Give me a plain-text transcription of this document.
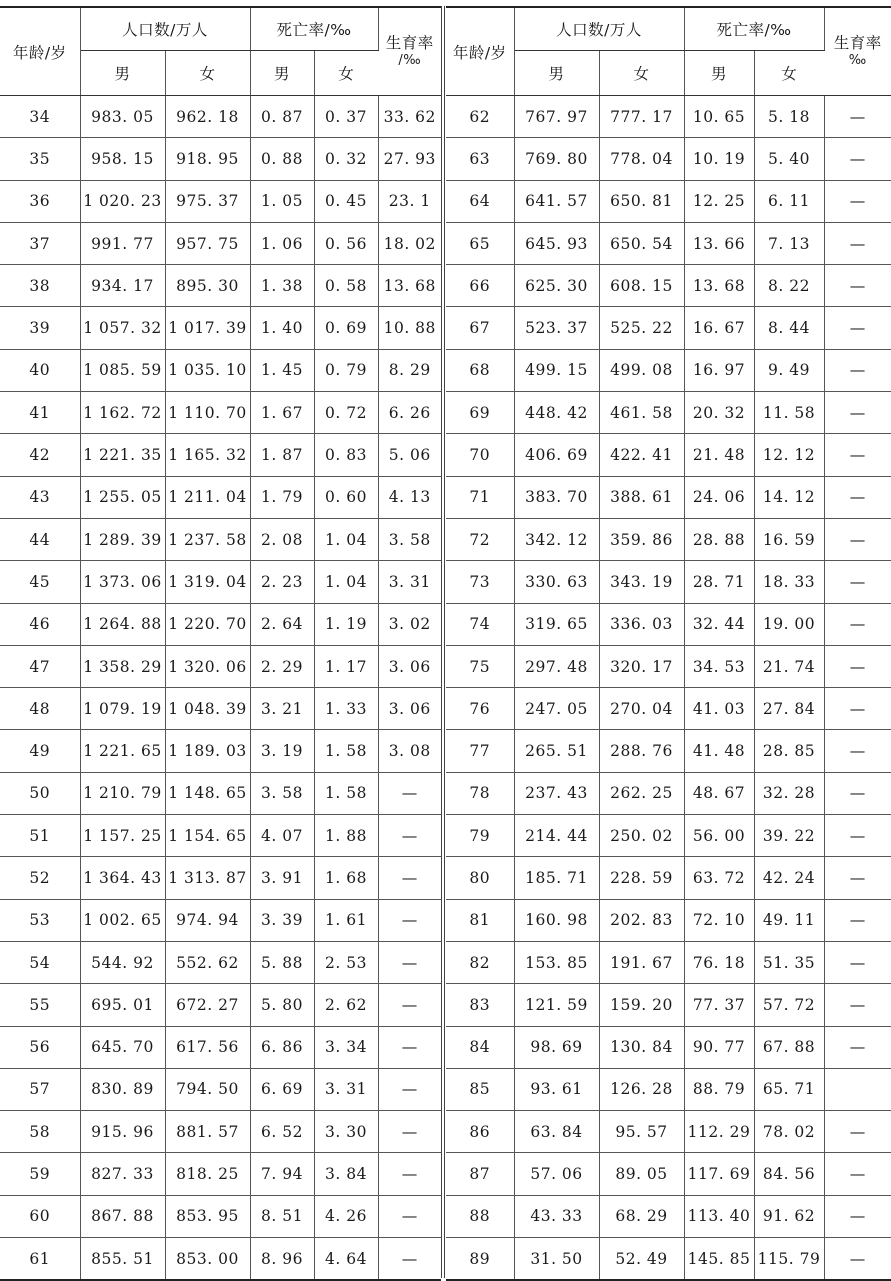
年龄/岁	人口数/万人		死亡率/‰		生育率
/‰

	男	女	男	女	
34	983. 05	962. 18	0. 87	0. 37	33. 62
35	958. 15	918. 95	0. 88	0. 32	27. 93
36	1 020. 23	975. 37	1. 05	0. 45	23. 1
37	991. 77	957. 75	1. 06	0. 56	18. 02
38	934. 17	895. 30	1. 38	0. 58	13. 68
39	1 057. 32	1 017. 39	1. 40	0. 69	10. 88
40	1 085. 59	1 035. 10	1. 45	0. 79	8. 29
41	1 162. 72	1 110. 70	1. 67	0. 72	6. 26
42	1 221. 35	1 165. 32	1. 87	0. 83	5. 06
43	1 255. 05	1 211. 04	1. 79	0. 60	4. 13
44	1 289. 39	1 237. 58	2. 08	1. 04	3. 58
45	1 373. 06	1 319. 04	2. 23	1. 04	3. 31
46	1 264. 88	1 220. 70	2. 64	1. 19	3. 02
47	1 358. 29	1 320. 06	2. 29	1. 17	3. 06
48	1 079. 19	1 048. 39	3. 21	1. 33	3. 06
49	1 221. 65	1 189. 03	3. 19	1. 58	3. 08
50	1 210. 79	1 148. 65	3. 58	1. 58	—
51	1 157. 25	1 154. 65	4. 07	1. 88	—
52	1 364. 43	1 313. 87	3. 91	1. 68	—
53	1 002. 65	974. 94	3. 39	1. 61	—
54	544. 92	552. 62	5. 88	2. 53	—
55	695. 01	672. 27	5. 80	2. 62	—
56	645. 70	617. 56	6. 86	3. 34	—
57	830. 89	794. 50	6. 69	3. 31	—
58	915. 96	881. 57	6. 52	3. 30	—
59	827. 33	818. 25	7. 94	3. 84	—
60	867. 88	853. 95	8. 51	4. 26	—
61	855. 51	853. 00	8. 96	4. 64	—
年龄/岁	人口数/万人		死亡率/‰		生育率
‰

	男	女	男	女	
62	767. 97	777. 17	10. 65	5. 18	—
63	769. 80	778. 04	10. 19	5. 40	—
64	641. 57	650. 81	12. 25	6. 11	—
65	645. 93	650. 54	13. 66	7. 13	—
66	625. 30	608. 15	13. 68	8. 22	—
67	523. 37	525. 22	16. 67	8. 44	—
68	499. 15	499. 08	16. 97	9. 49	—
69	448. 42	461. 58	20. 32	11. 58	—
70	406. 69	422. 41	21. 48	12. 12	—
71	383. 70	388. 61	24. 06	14. 12	—
72	342. 12	359. 86	28. 88	16. 59	—
73	330. 63	343. 19	28. 71	18. 33	—
74	319. 65	336. 03	32. 44	19. 00	—
75	297. 48	320. 17	34. 53	21. 74	—
76	247. 05	270. 04	41. 03	27. 84	—
77	265. 51	288. 76	41. 48	28. 85	—
78	237. 43	262. 25	48. 67	32. 28	—
79	214. 44	250. 02	56. 00	39. 22	—
80	185. 71	228. 59	63. 72	42. 24	—
81	160. 98	202. 83	72. 10	49. 11	—
82	153. 85	191. 67	76. 18	51. 35	—
83	121. 59	159. 20	77. 37	57. 72	—
84	98. 69	130. 84	90. 77	67. 88	—
85	93. 61	126. 28	88. 79	65. 71	
86	63. 84	95. 57	112. 29	78. 02	—
87	57. 06	89. 05	117. 69	84. 56	—
88	43. 33	68. 29	113. 40	91. 62	—
89	31. 50	52. 49	145. 85	115. 79	—
